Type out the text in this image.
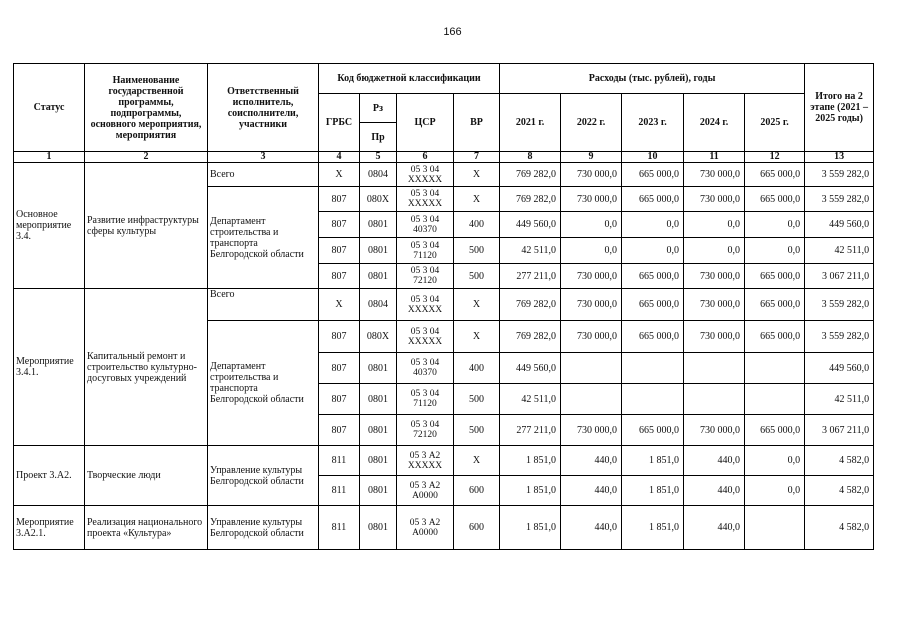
166
Статус	Наименование государственной программы, подпрограммы, основного мероприятия, мероприятия	Ответственный исполнитель, соисполнители, участники	Код бюджетной классификации				Расходы (тыс. рублей), годы					Итого на 2 этапе (2021 – 2025 годы)
			ГРБС	Рз	ЦСР	ВР	2021 г.	2022 г.	2023 г.	2024 г.	2025 г.	
				Пр								
1	2	3	4	5	6	7	8	9	10	11	12	13
Основное мероприятие 3.4.	Развитие инфраструктуры сферы культуры	Всего	X	0804	05 3 04 XXXXX	X	769 282,0	730 000,0	665 000,0	730 000,0	665 000,0	3 559 282,0
		Департамент строительства и транспорта Белгородской области	807	080X	05 3 04 XXXXX	X	769 282,0	730 000,0	665 000,0	730 000,0	665 000,0	3 559 282,0
			807	0801	05 3 04 40370	400	449 560,0	0,0	0,0	0,0	0,0	449 560,0
			807	0801	05 3 04 71120	500	42 511,0	0,0	0,0	0,0	0,0	42 511,0
			807	0801	05 3 04 72120	500	277 211,0	730 000,0	665 000,0	730 000,0	665 000,0	3 067 211,0
Мероприятие 3.4.1.	Капитальный ремонт и строительство культурно-досуговых учреждений	Всего	X	0804	05 3 04 XXXXX	X	769 282,0	730 000,0	665 000,0	730 000,0	665 000,0	3 559 282,0
		Департамент строительства и транспорта Белгородской области	807	080X	05 3 04 XXXXX	X	769 282,0	730 000,0	665 000,0	730 000,0	665 000,0	3 559 282,0
			807	0801	05 3 04 40370	400	449 560,0					449 560,0
			807	0801	05 3 04 71120	500	42 511,0					42 511,0
			807	0801	05 3 04 72120	500	277 211,0	730 000,0	665 000,0	730 000,0	665 000,0	3 067 211,0
Проект 3.А2.	Творческие люди	Управление культуры Белгородской области	811	0801	05 3 А2 XXXXX	X	1 851,0	440,0	1 851,0	440,0	0,0	4 582,0
			811	0801	05 3 А2 А0000	600	1 851,0	440,0	1 851,0	440,0	0,0	4 582,0
Мероприятие 3.А2.1.	Реализация национального проекта «Культура»	Управление культуры Белгородской области	811	0801	05 3 А2 А0000	600	1 851,0	440,0	1 851,0	440,0		4 582,0
